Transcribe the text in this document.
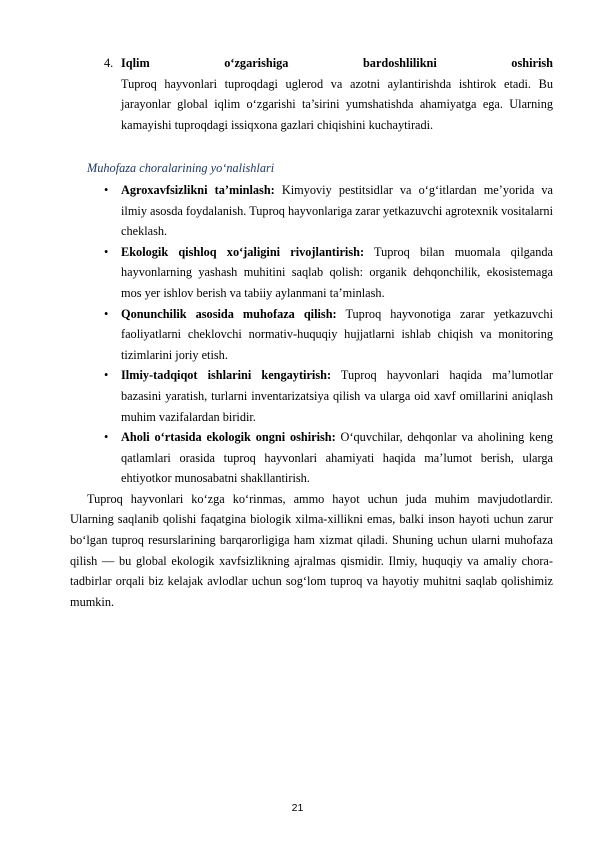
4. Iqlim o‘zgarishiga bardoshlilikni oshirish

Tuproq hayvonlari tuproqdagi uglerod va azotni aylantirishda ishtirok etadi. Bu jarayonlar global iqlim o‘zgarishi ta’sirini yumshatishda ahamiyatga ega. Ularning kamayishi tuproqdagi issiqxona gazlari chiqishini kuchaytiradi.

Muhofaza choralarining yo‘nalishlari

• Agroxavfsizlikni ta’minlash: Kimyoviy pestitsidlar va o‘g‘itlardan me’yorida va ilmiy asosda foydalanish. Tuproq hayvonlariga zarar yetkazuvchi agrotexnik vositalarni cheklash.
• Ekologik qishloq xo‘jaligini rivojlantirish: Tuproq bilan muomala qilganda hayvonlarning yashash muhitini saqlab qolish: organik dehqonchilik, ekosistemaga mos yer ishlov berish va tabiiy aylanmani ta’minlash.
• Qonunchilik asosida muhofaza qilish: Tuproq hayvonotiga zarar yetkazuvchi faoliyatlarni cheklovchi normativ-huquqiy hujjatlarni ishlab chiqish va monitoring tizimlarini joriy etish.
• Ilmiy-tadqiqot ishlarini kengaytirish: Tuproq hayvonlari haqida ma’lumotlar bazasini yaratish, turlarni inventarizatsiya qilish va ularga oid xavf omillarini aniqlash muhim vazifalardan biridir.
• Aholi o‘rtasida ekologik ongni oshirish: O‘quvchilar, dehqonlar va aholining keng qatlamlari orasida tuproq hayvonlari ahamiyati haqida ma’lumot berish, ularga ehtiyotkor munosabatni shakllantirish.

Tuproq hayvonlari ko‘zga ko‘rinmas, ammo hayot uchun juda muhim mavjudotlardir. Ularning saqlanib qolishi faqatgina biologik xilma-xillikni emas, balki inson hayoti uchun zarur bo‘lgan tuproq resurslarining barqarorligiga ham xizmat qiladi. Shuning uchun ularni muhofaza qilish — bu global ekologik xavfsizlikning ajralmas qismidir. Ilmiy, huquqiy va amaliy chora-tadbirlar orqali biz kelajak avlodlar uchun sog‘lom tuproq va hayotiy muhitni saqlab qolishimiz mumkin.

21
